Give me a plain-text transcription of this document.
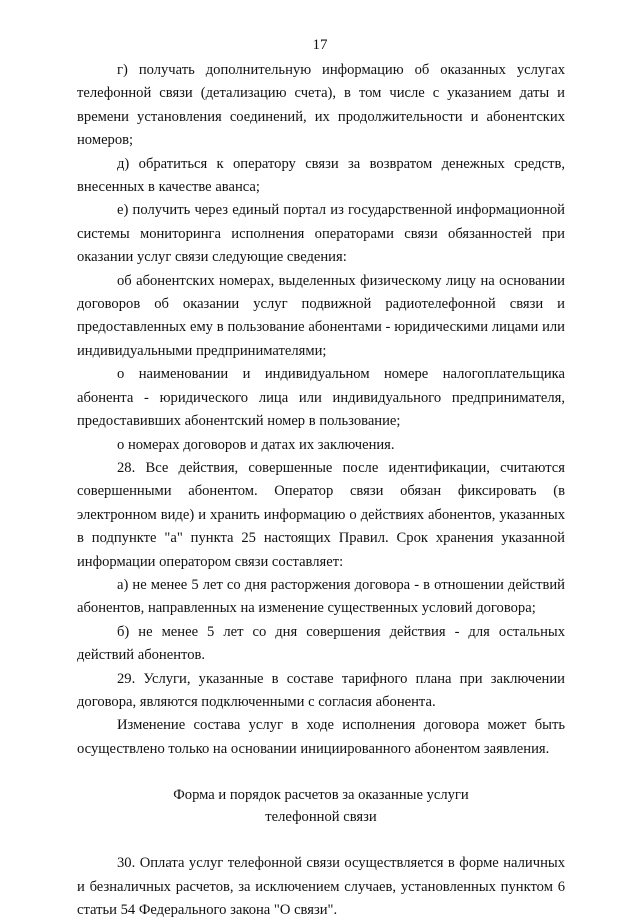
17

г) получать дополнительную информацию об оказанных услугах телефонной связи (детализацию счета), в том числе с указанием даты и времени установления соединений, их продолжительности и абонентских номеров;

д) обратиться к оператору связи за возвратом денежных средств, внесенных в качестве аванса;

е) получить через единый портал из государственной информационной системы мониторинга исполнения операторами связи обязанностей при оказании услуг связи следующие сведения:

об абонентских номерах, выделенных физическому лицу на основании договоров об оказании услуг подвижной радиотелефонной связи и предоставленных ему в пользование абонентами - юридическими лицами или индивидуальными предпринимателями;

о наименовании и индивидуальном номере налогоплательщика абонента - юридического лица или индивидуального предпринимателя, предоставивших абонентский номер в пользование;

о номерах договоров и датах их заключения.

28. Все действия, совершенные после идентификации, считаются совершенными абонентом. Оператор связи обязан фиксировать (в электронном виде) и хранить информацию о действиях абонентов, указанных в подпункте "а" пункта 25 настоящих Правил. Срок хранения указанной информации оператором связи составляет:

а) не менее 5 лет со дня расторжения договора - в отношении действий абонентов, направленных на изменение существенных условий договора;

б) не менее 5 лет со дня совершения действия - для остальных действий абонентов.

29. Услуги, указанные в составе тарифного плана при заключении договора, являются подключенными с согласия абонента.

Изменение состава услуг в ходе исполнения договора может быть осуществлено только на основании инициированного абонентом заявления.

Форма и порядок расчетов за оказанные услуги

телефонной связи

30. Оплата услуг телефонной связи осуществляется в форме наличных и безналичных расчетов, за исключением случаев, установленных пунктом 6 статьи 54 Федерального закона "О связи".
